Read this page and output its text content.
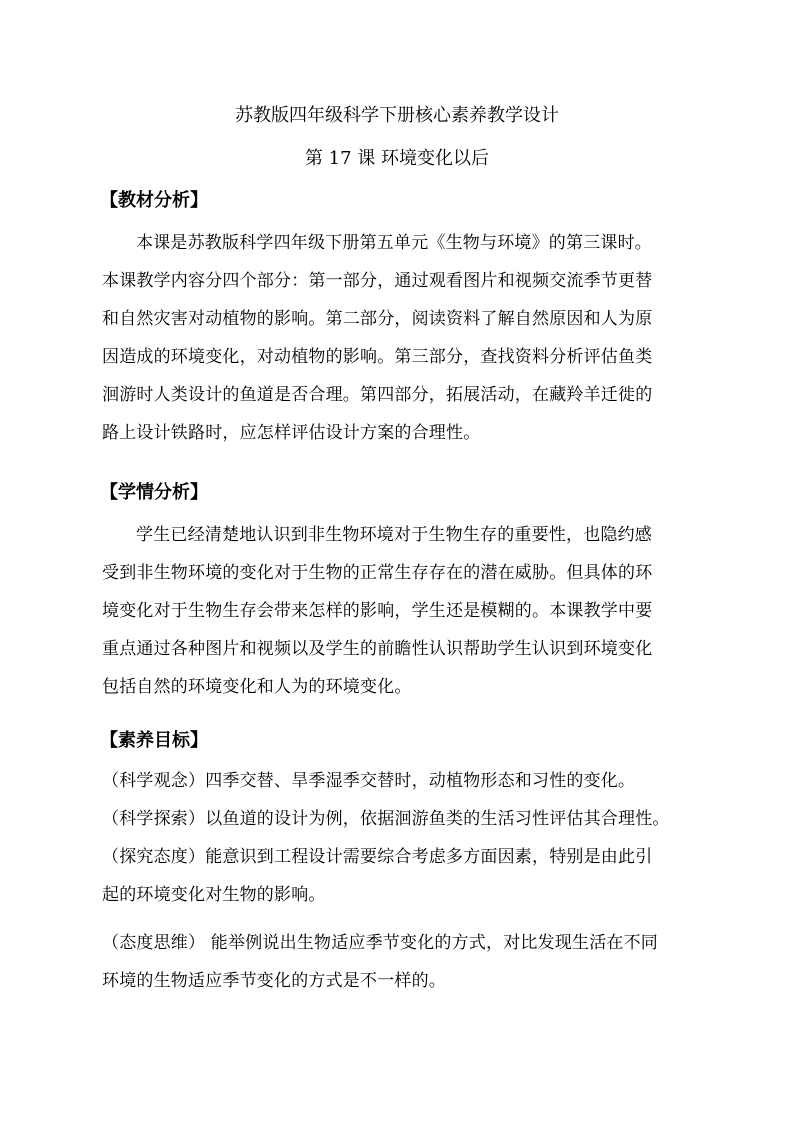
苏教版四年级科学下册核心素养教学设计
第 17 课 环境变化以后
【教材分析】
本课是苏教版科学四年级下册第五单元《生物与环境》的第三课时。
本课教学内容分四个部分：第一部分，通过观看图片和视频交流季节更替
和自然灾害对动植物的影响。第二部分，阅读资料了解自然原因和人为原
因造成的环境变化，对动植物的影响。第三部分，查找资料分析评估鱼类
洄游时人类设计的鱼道是否合理。第四部分，拓展活动，在藏羚羊迁徙的
路上设计铁路时，应怎样评估设计方案的合理性。
【学情分析】
学生已经清楚地认识到非生物环境对于生物生存的重要性，也隐约感
受到非生物环境的变化对于生物的正常生存存在的潜在威胁。但具体的环
境变化对于生物生存会带来怎样的影响，学生还是模糊的。本课教学中要
重点通过各种图片和视频以及学生的前瞻性认识帮助学生认识到环境变化
包括自然的环境变化和人为的环境变化。
【素养目标】
（科学观念）四季交替、旱季湿季交替时，动植物形态和习性的变化。
（科学探索）以鱼道的设计为例，依据洄游鱼类的生活习性评估其合理性。
（探究态度）能意识到工程设计需要综合考虑多方面因素，特别是由此引
起的环境变化对生物的影响。
（态度思维） 能举例说出生物适应季节变化的方式，对比发现生活在不同
环境的生物适应季节变化的方式是不一样的。
